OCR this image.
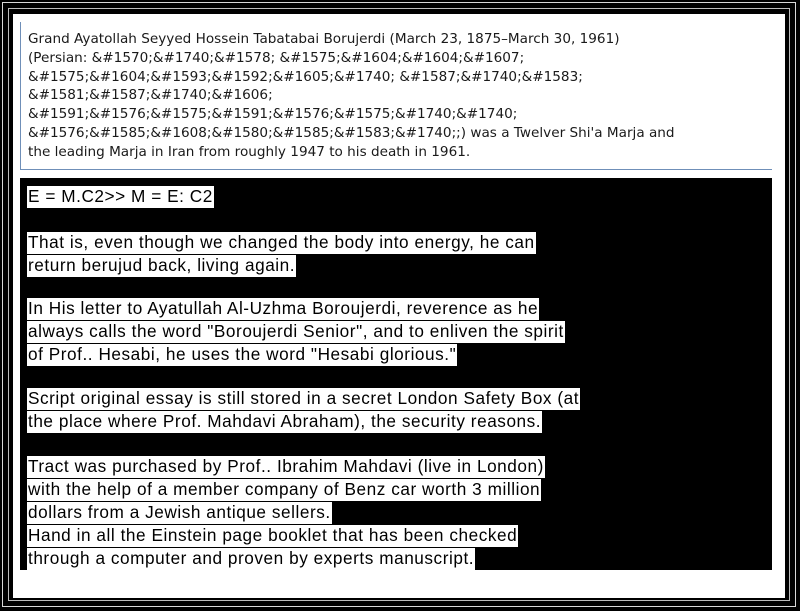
Grand Ayatollah Seyyed Hossein Tabatabai Borujerdi (March 23, 1875–March 30, 1961)
(Persian: &#1570;&#1740;&#1578; &#1575;&#1604;&#1604;&#1607;
&#1575;&#1604;&#1593;&#1592;&#1605;&#1740; &#1587;&#1740;&#1583;
&#1581;&#1587;&#1740;&#1606;
&#1591;&#1576;&#1575;&#1591;&#1576;&#1575;&#1740;&#1740;
&#1576;&#1585;&#1608;&#1580;&#1585;&#1583;&#1740;;) was a Twelver Shi'a Marja and
the leading Marja in Iran from roughly 1947 to his death in 1961.
E = M.C2>> M = E: C2
That is, even though we changed the body into energy, he can
return berujud back, living again.
In His letter to Ayatullah Al-Uzhma Boroujerdi, reverence as he
always calls the word "Boroujerdi Senior", and to enliven the spirit
of Prof.. Hesabi, he uses the word "Hesabi glorious."
Script original essay is still stored in a secret London Safety Box (at
the place where Prof. Mahdavi Abraham), the security reasons.
Tract was purchased by Prof.. Ibrahim Mahdavi (live in London)
with the help of a member company of Benz car worth 3 million
dollars from a Jewish antique sellers.
Hand in all the Einstein page booklet that has been checked
through a computer and proven by experts manuscript.
